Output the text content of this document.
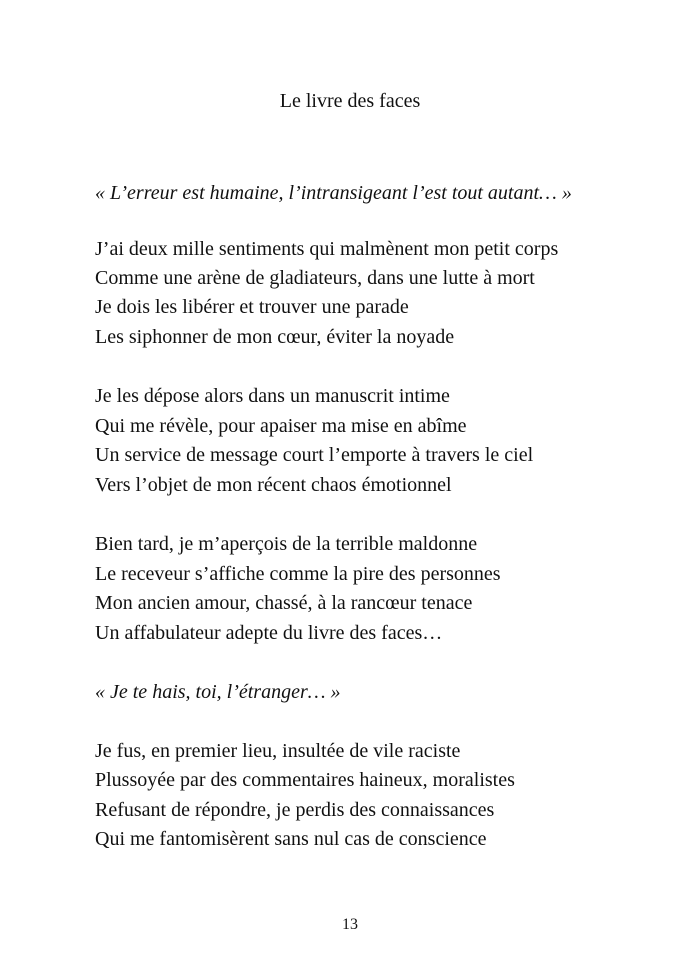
Le livre des faces
« L’erreur est humaine, l’intransigeant l’est tout autant… »
J’ai deux mille sentiments qui malmènent mon petit corps
Comme une arène de gladiateurs, dans une lutte à mort
Je dois les libérer et trouver une parade
Les siphonner de mon cœur, éviter la noyade
Je les dépose alors dans un manuscrit intime
Qui me révèle, pour apaiser ma mise en abîme
Un service de message court l’emporte à travers le ciel
Vers l’objet de mon récent chaos émotionnel
Bien tard, je m’aperçois de la terrible maldonne
Le receveur s’affiche comme la pire des personnes
Mon ancien amour, chassé, à la rancœur tenace
Un affabulateur adepte du livre des faces…
« Je te hais, toi, l’étranger… »
Je fus, en premier lieu, insultée de vile raciste
Plussoyée par des commentaires haineux, moralistes
Refusant de répondre, je perdis des connaissances
Qui me fantomisèrent sans nul cas de conscience
13
